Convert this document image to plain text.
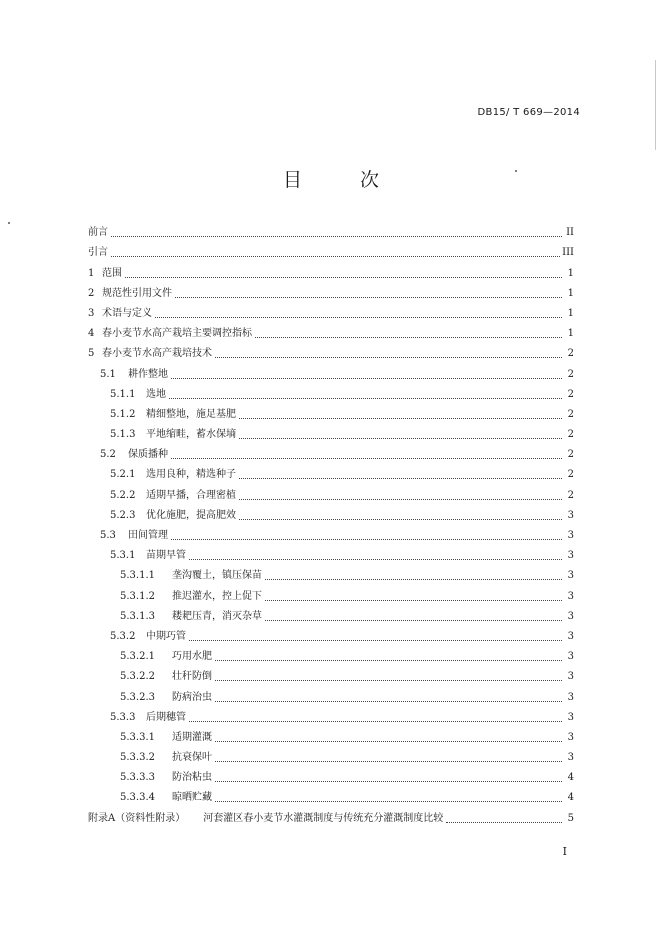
DB15/ T 669—2014
目 次
前言	II
引言	III
1 范围	1
2 规范性引用文件	1
3 术语与定义	1
4 春小麦节水高产栽培主要调控指标	1
5 春小麦节水高产栽培技术	2
5.1	耕作整地	2
5.1.1	选地	2
5.1.2	精细整地，施足基肥	2
5.1.3	平地缩畦，蓄水保墒	2
5.2	保质播种	2
5.2.1	选用良种，精选种子	2
5.2.2	适期早播，合理密植	2
5.2.3	优化施肥，提高肥效	3
5.3	田间管理	3
5.3.1	苗期早管	3
5.3.1.1	垄沟覆土，镇压保苗	3
5.3.1.2	推迟灌水，控上促下	3
5.3.1.3	耧耙压青，消灭杂草	3
5.3.2	中期巧管	3
5.3.2.1	巧用水肥	3
5.3.2.2	壮秆防倒	3
5.3.2.3	防病治虫	3
5.3.3	后期穗管	3
5.3.3.1	适期灌溉	3
5.3.3.2	抗衰保叶	3
5.3.3.3	防治粘虫	4
5.3.3.4	晾晒贮藏	4
附录A（资料性附录） 河套灌区春小麦节水灌溉制度与传统充分灌溉制度比较	5
I
